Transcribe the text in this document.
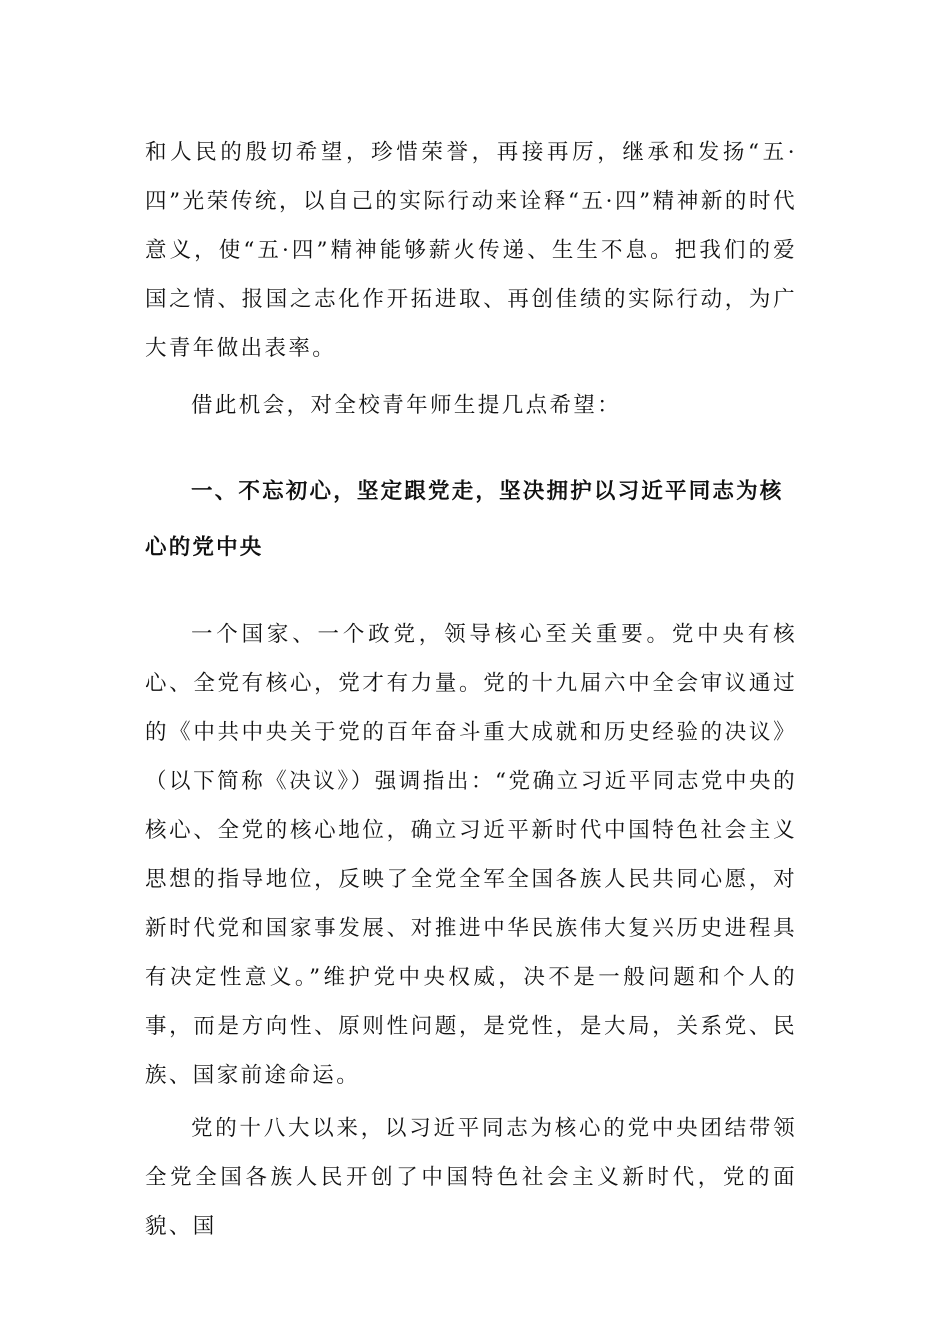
和人民的殷切希望，珍惜荣誉，再接再厉，继承和发扬“五·四”光荣传统，以自己的实际行动来诠释“五·四”精神新的时代意义，使“五·四”精神能够薪火传递、生生不息。把我们的爱国之情、报国之志化作开拓进取、再创佳绩的实际行动，为广大青年做出表率。

借此机会，对全校青年师生提几点希望：

一、不忘初心，坚定跟党走，坚决拥护以习近平同志为核心的党中央

一个国家、一个政党，领导核心至关重要。党中央有核心、全党有核心，党才有力量。党的十九届六中全会审议通过的《中共中央关于党的百年奋斗重大成就和历史经验的决议》（以下简称《决议》）强调指出：“党确立习近平同志党中央的核心、全党的核心地位，确立习近平新时代中国特色社会主义思想的指导地位，反映了全党全军全国各族人民共同心愿，对新时代党和国家事发展、对推进中华民族伟大复兴历史进程具有决定性意义。”维护党中央权威，决不是一般问题和个人的事，而是方向性、原则性问题，是党性，是大局，关系党、民族、国家前途命运。

党的十八大以来，以习近平同志为核心的党中央团结带领全党全国各族人民开创了中国特色社会主义新时代，党的面貌、国
